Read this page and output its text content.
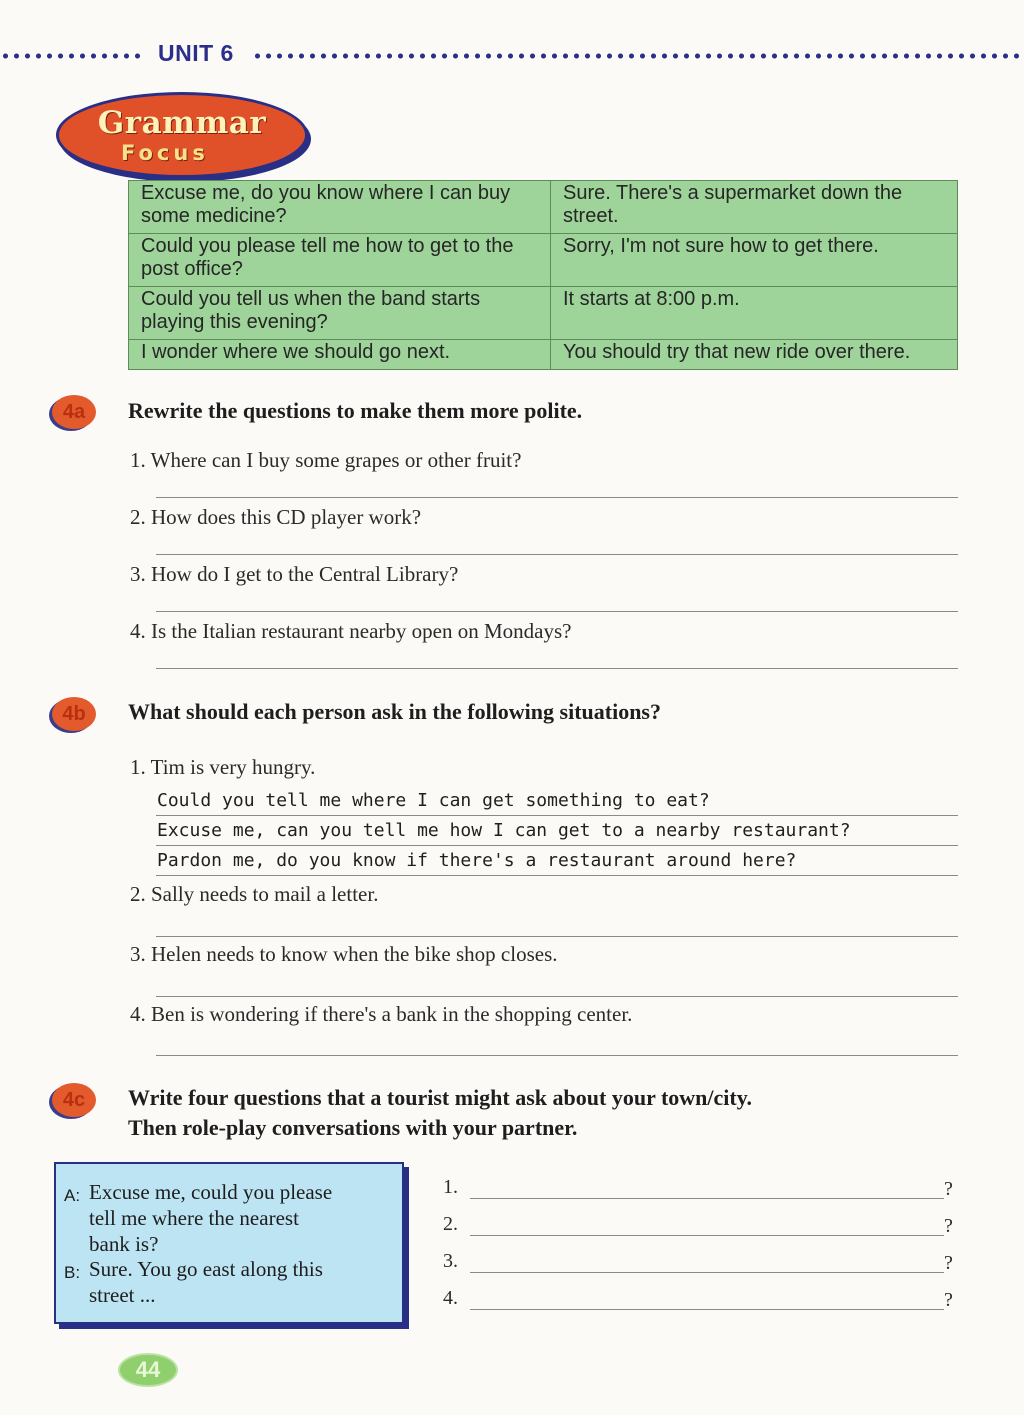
UNIT 6
Grammar
Focus
Excuse me, do you know where I can buy some medicine?	Sure. There's a supermarket down the street.
Could you please tell me how to get to the post office?	Sorry, I'm not sure how to get there.
Could you tell us when the band starts playing this evening?	It starts at 8:00 p.m.
I wonder where we should go next.	You should try that new ride over there.
4a	Rewrite the questions to make them more polite.
1. Where can I buy some grapes or other fruit?
2. How does this CD player work?
3. How do I get to the Central Library?
4. Is the Italian restaurant nearby open on Mondays?
4b	What should each person ask in the following situations?
1. Tim is very hungry.
Could you tell me where I can get something to eat?
Excuse me, can you tell me how I can get to a nearby restaurant?
Pardon me, do you know if there's a restaurant around here?
2. Sally needs to mail a letter.
3. Helen needs to know when the bike shop closes.
4. Ben is wondering if there's a bank in the shopping center.
4c	Write four questions that a tourist might ask about your town/city.
Then role-play conversations with your partner.
A: Excuse me, could you please
tell me where the nearest
bank is?
B: Sure. You go east along this
street ...
1.	?
2.	?
3.	?
4.	?
44
